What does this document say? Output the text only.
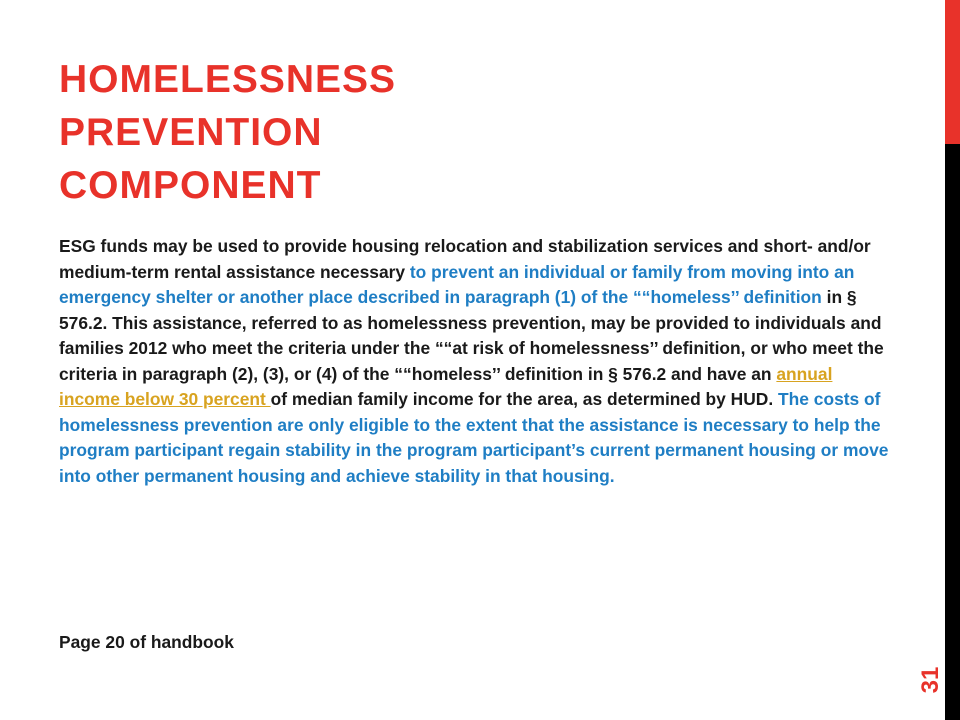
HOMELESSNESS
PREVENTION
COMPONENT

ESG funds may be used to provide housing relocation and stabilization services and short- and/or medium-term rental assistance necessary to prevent an individual or family from moving into an emergency shelter or another place described in paragraph (1) of the ““homeless’’ definition in § 576.2. This assistance, referred to as homelessness prevention, may be provided to individuals and families 2012 who meet the criteria under the ““at risk of homelessness’’ definition, or who meet the criteria in paragraph (2), (3), or (4) of the ““homeless’’ definition in § 576.2 and have an annual income below 30 percent of median family income for the area, as determined by HUD. The costs of homelessness prevention are only eligible to the extent that the assistance is necessary to help the program participant regain stability in the program participant’s current permanent housing or move into other permanent housing and achieve stability in that housing.

Page 20 of handbook

31
